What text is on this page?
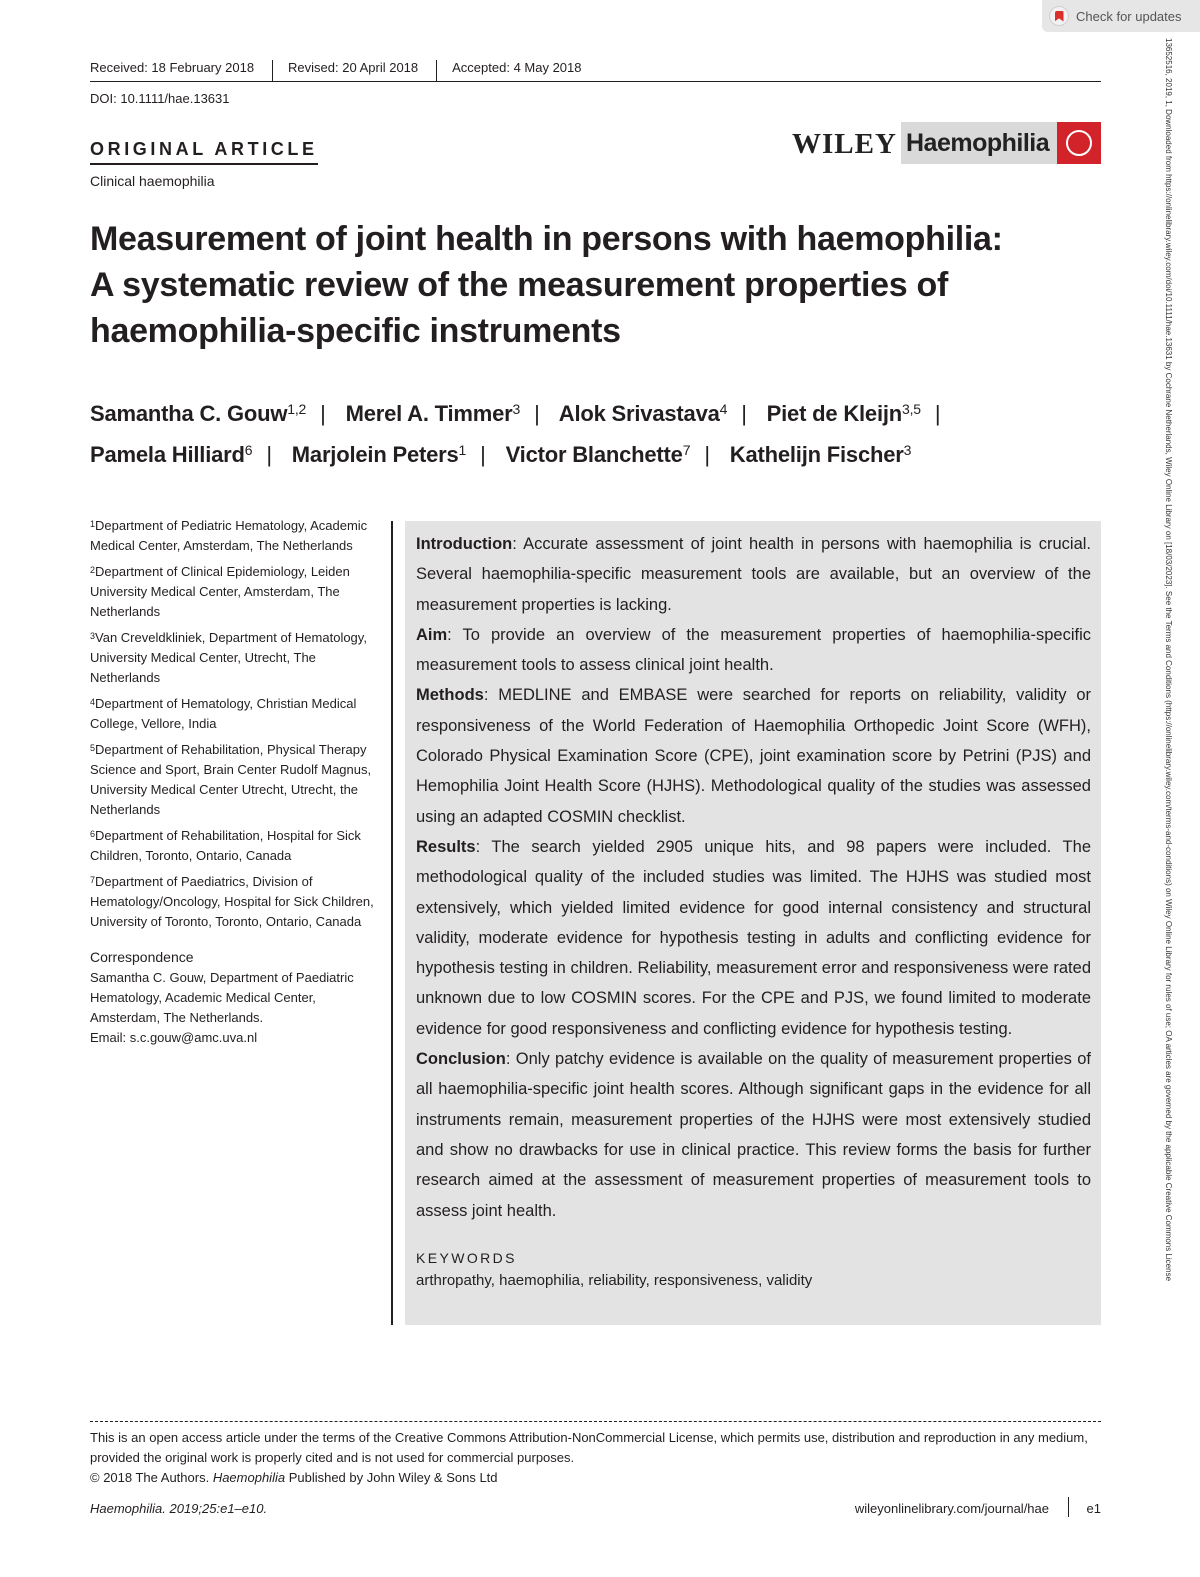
Check for updates
13652516, 2019, 1, Downloaded from https://onlinelibrary.wiley.com/doi/10.1111/hae.13631 by Cochrane Netherlands, Wiley Online Library on [18/03/2023]. See the Terms and Conditions (https://onlinelibrary.wiley.com/terms-and-conditions) on Wiley Online Library for rules of use; OA articles are governed by the applicable Creative Commons License
Received: 18 February 2018	Revised: 20 April 2018	Accepted: 4 May 2018
DOI: 10.1111/hae.13631
ORIGINAL ARTICLE
Clinical haemophilia
WILEY Haemophilia
Measurement of joint health in persons with haemophilia:
A systematic review of the measurement properties of
haemophilia-specific instruments
Samantha C. Gouw$^{1,2}$ | Merel A. Timmer$^3$ | Alok Srivastava$^4$ | Piet de Kleijn$^{3,5}$ |
Pamela Hilliard$^6$ | Marjolein Peters$^1$ | Victor Blanchette$^7$ | Kathelijn Fischer$^3$
$^1$Department of Pediatric Hematology, Academic Medical Center, Amsterdam, The Netherlands
$^2$Department of Clinical Epidemiology, Leiden University Medical Center, Amsterdam, The Netherlands
$^3$Van Creveldkliniek, Department of Hematology, University Medical Center, Utrecht, The Netherlands
$^4$Department of Hematology, Christian Medical College, Vellore, India
$^5$Department of Rehabilitation, Physical Therapy Science and Sport, Brain Center Rudolf Magnus, University Medical Center Utrecht, Utrecht, the Netherlands
$^6$Department of Rehabilitation, Hospital for Sick Children, Toronto, Ontario, Canada
$^7$Department of Paediatrics, Division of Hematology/Oncology, Hospital for Sick Children, University of Toronto, Toronto, Ontario, Canada
Correspondence
Samantha C. Gouw, Department of Paediatric Hematology, Academic Medical Center, Amsterdam, The Netherlands.
Email: s.c.gouw@amc.uva.nl

Introduction: Accurate assessment of joint health in persons with haemophilia is crucial. Several haemophilia-specific measurement tools are available, but an overview of the measurement properties is lacking.

Aim: To provide an overview of the measurement properties of haemophilia-specific measurement tools to assess clinical joint health.

Methods: MEDLINE and EMBASE were searched for reports on reliability, validity or responsiveness of the World Federation of Haemophilia Orthopedic Joint Score (WFH), Colorado Physical Examination Score (CPE), joint examination score by Petrini (PJS) and Hemophilia Joint Health Score (HJHS). Methodological quality of the studies was assessed using an adapted COSMIN checklist.

Results: The search yielded 2905 unique hits, and 98 papers were included. The methodological quality of the included studies was limited. The HJHS was studied most extensively, which yielded limited evidence for good internal consistency and structural validity, moderate evidence for hypothesis testing in adults and conflicting evidence for hypothesis testing in children. Reliability, measurement error and responsiveness were rated unknown due to low COSMIN scores. For the CPE and PJS, we found limited to moderate evidence for good responsiveness and conflicting evidence for hypothesis testing.

Conclusion: Only patchy evidence is available on the quality of measurement properties of all haemophilia-specific joint health scores. Although significant gaps in the evidence for all instruments remain, measurement properties of the HJHS were most extensively studied and show no drawbacks for use in clinical practice. This review forms the basis for further research aimed at the assessment of measurement properties of measurement tools to assess joint health.

KEYWORDS
arthropathy, haemophilia, reliability, responsiveness, validity
This is an open access article under the terms of the Creative Commons Attribution-NonCommercial License, which permits use, distribution and reproduction in any medium, provided the original work is properly cited and is not used for commercial purposes.
© 2018 The Authors. Haemophilia Published by John Wiley & Sons Ltd
Haemophilia. 2019;25:e1–e10.	wileyonlinelibrary.com/journal/hae	e1
